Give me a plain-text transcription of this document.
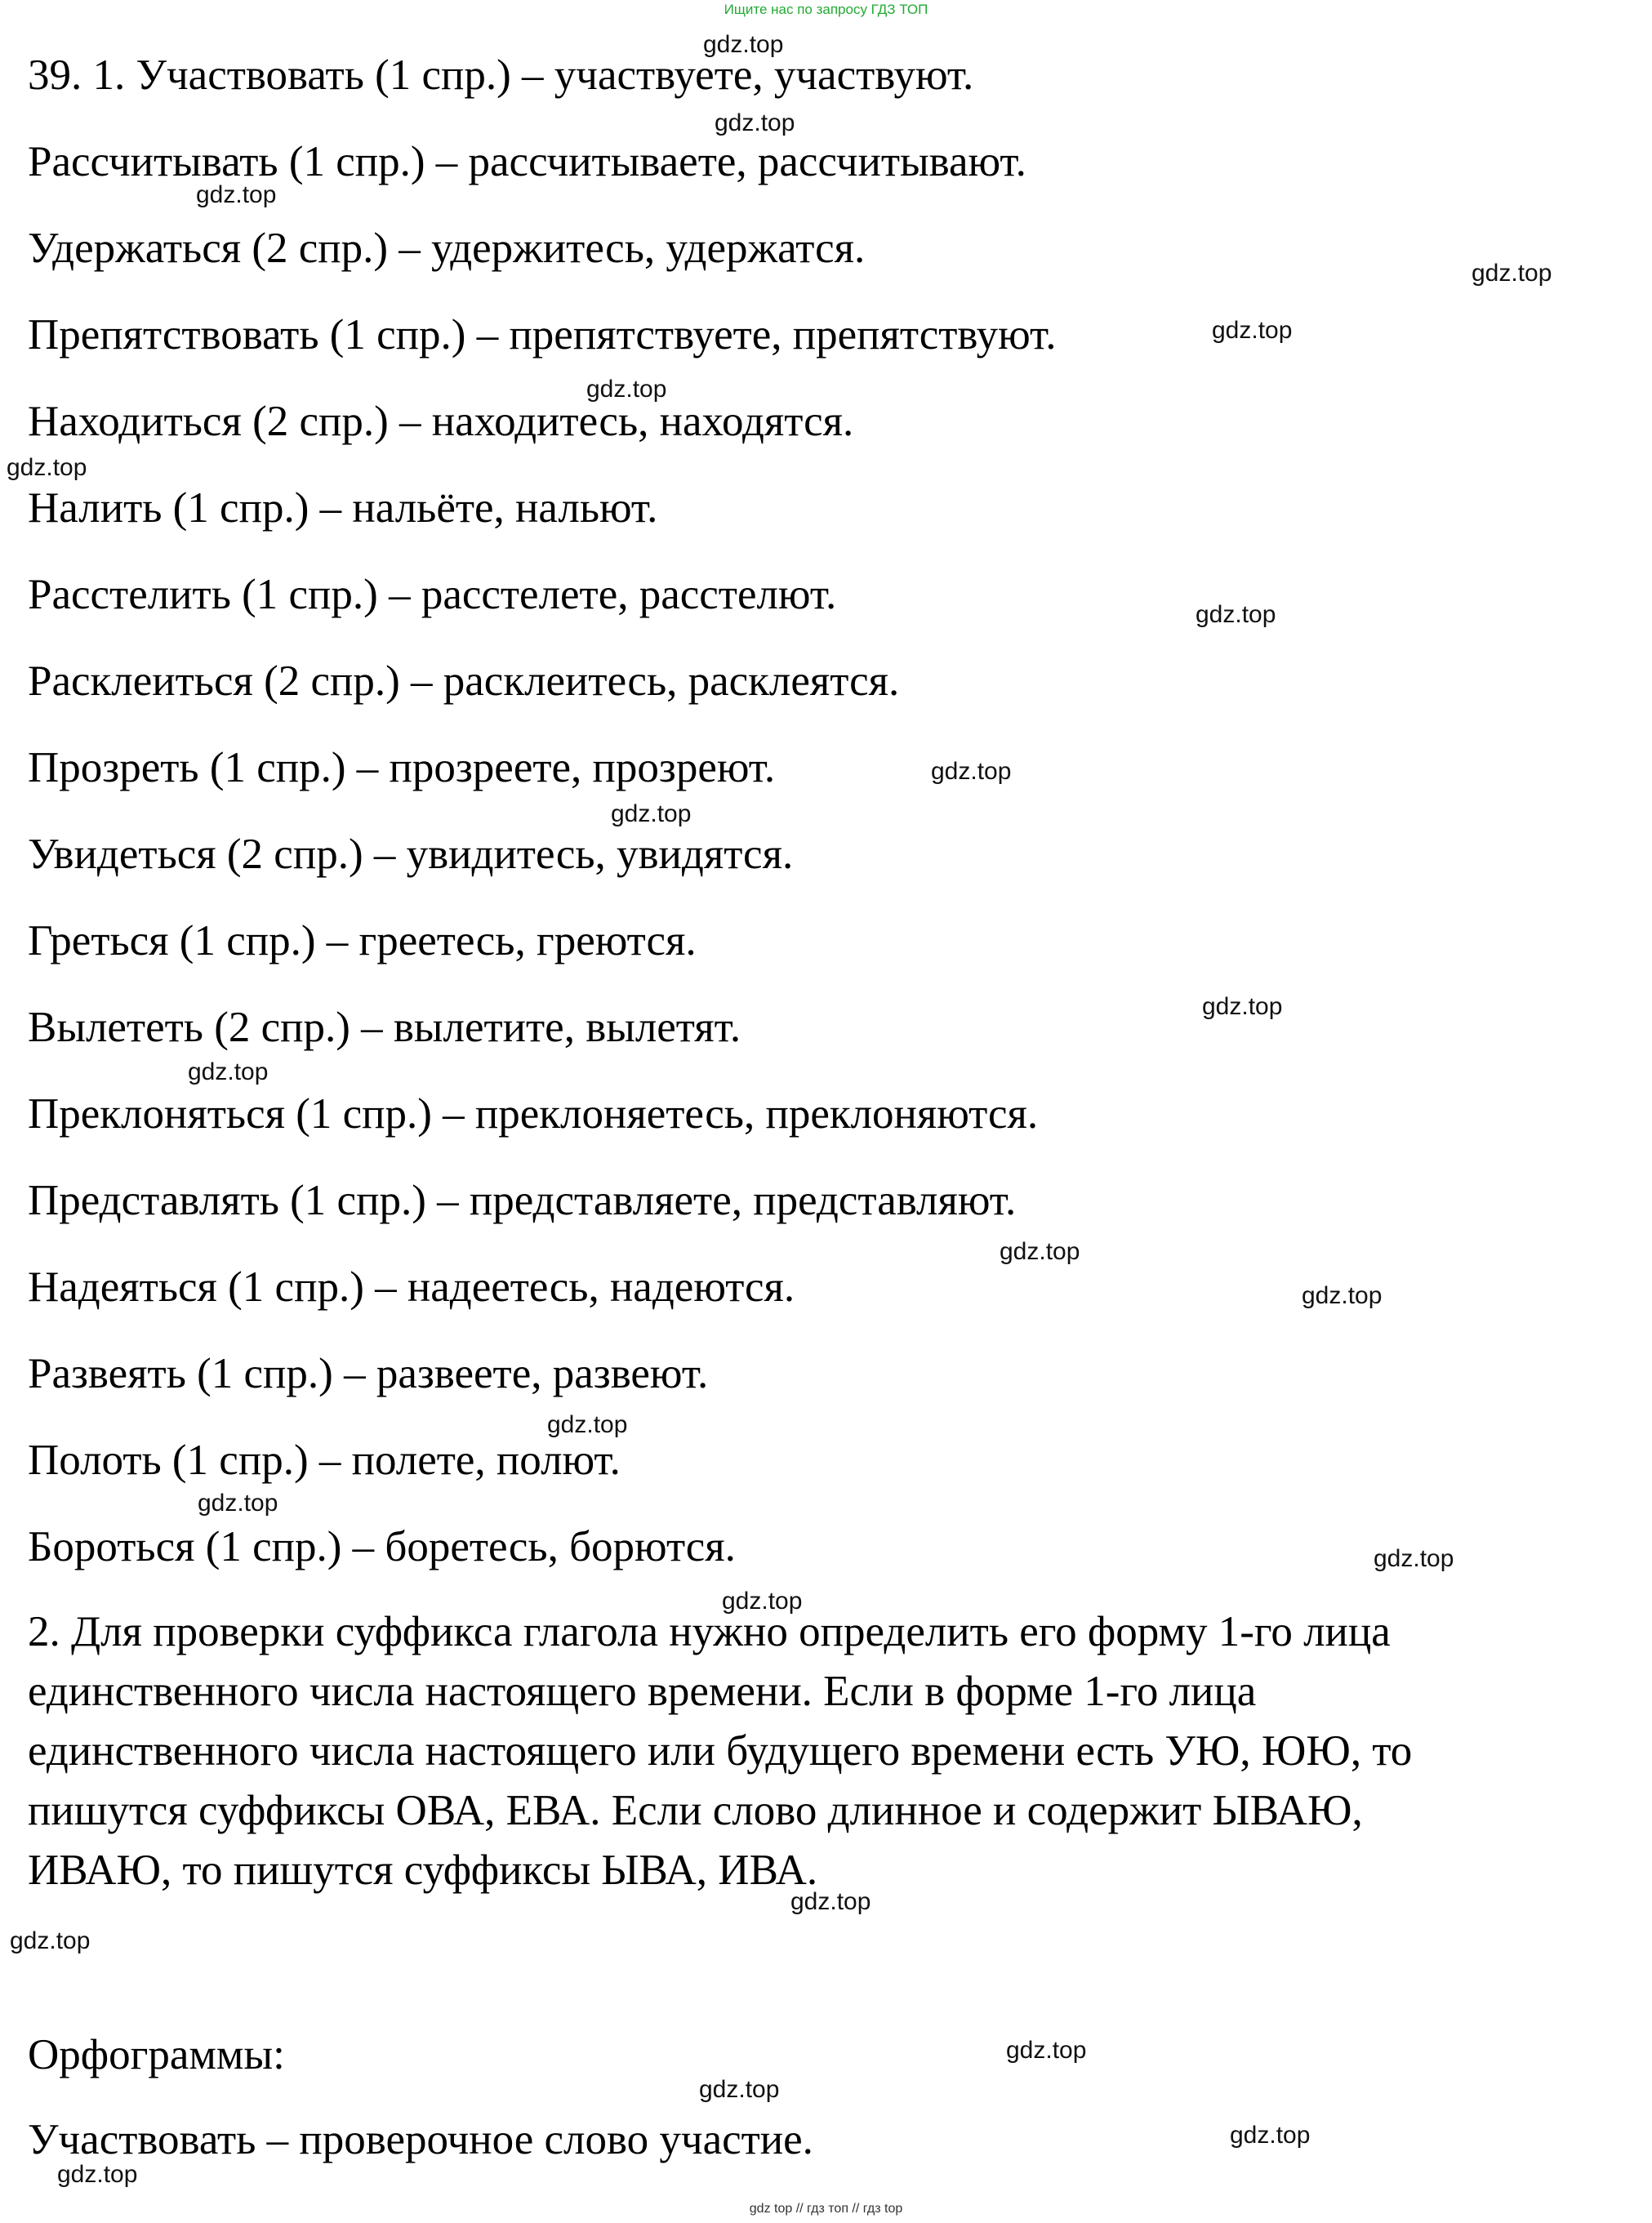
Ищите нас по запросу ГДЗ ТОП
39. 1. Участвовать (1 спр.) – участвуете, участвуют.
Рассчитывать (1 спр.) – рассчитываете, рассчитывают.
Удержаться (2 спр.) – удержитесь, удержатся.
Препятствовать (1 спр.) – препятствуете, препятствуют.
Находиться (2 спр.) – находитесь, находятся.
Налить (1 спр.) – нальёте, нальют.
Расстелить (1 спр.) – расстелете, расстелют.
Расклеиться (2 спр.) – расклеитесь, расклеятся.
Прозреть (1 спр.) – прозреете, прозреют.
Увидеться (2 спр.) – увидитесь, увидятся.
Греться (1 спр.) – греетесь, греются.
Вылететь (2 спр.) – вылетите, вылетят.
Преклоняться (1 спр.) – преклоняетесь, преклоняются.
Представлять (1 спр.) – представляете, представляют.
Надеяться (1 спр.) – надеетесь, надеются.
Развеять (1 спр.) – развеете, развеют.
Полоть (1 спр.) – полете, полют.
Бороться (1 спр.) – боретесь, борются.
2. Для проверки суффикса глагола нужно определить его форму 1-го лица
единственного числа настоящего времени. Если в форме 1-го лица
единственного числа настоящего или будущего времени есть УЮ, ЮЮ, то
пишутся суффиксы ОВА, ЕВА. Если слово длинное и содержит ЫВАЮ,
ИВАЮ, то пишутся суффиксы ЫВА, ИВА.
Орфограммы:
Участвовать – проверочное слово участие.
gdz.top
gdz.top
gdz.top
gdz.top
gdz.top
gdz.top
gdz.top
gdz.top
gdz.top
gdz.top
gdz.top
gdz.top
gdz.top
gdz.top
gdz.top
gdz.top
gdz.top
gdz.top
gdz.top
gdz.top
gdz.top
gdz.top
gdz.top
gdz.top
gdz top // гдз топ // гдз top
